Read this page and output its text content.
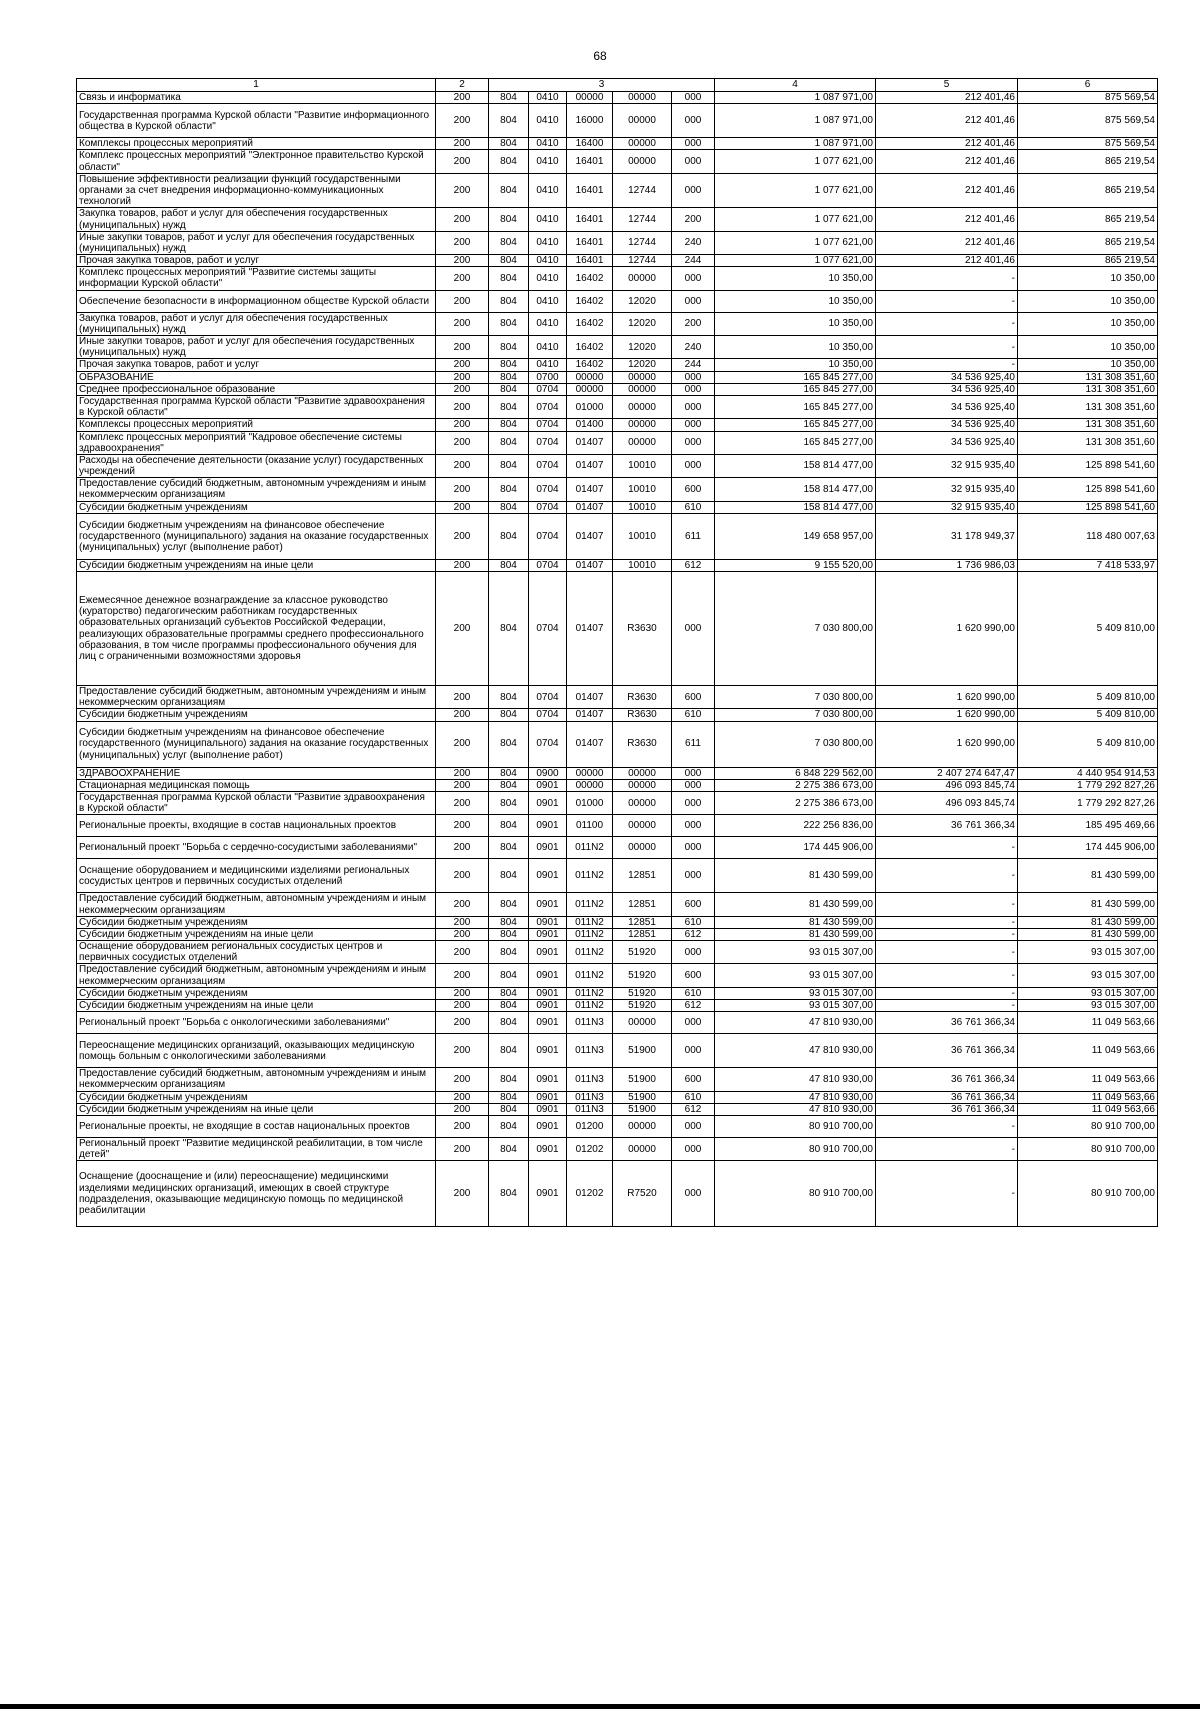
68
1	2	3					4	5	6
Связь и информатика	200	804	0410	00000	00000	000	1 087 971,00	212 401,46	875 569,54
Государственная программа Курской области "Развитие информационного общества в Курской области"	200	804	0410	16000	00000	000	1 087 971,00	212 401,46	875 569,54
Комплексы процессных мероприятий	200	804	0410	16400	00000	000	1 087 971,00	212 401,46	875 569,54
Комплекс процессных мероприятий "Электронное правительство Курской области"	200	804	0410	16401	00000	000	1 077 621,00	212 401,46	865 219,54
Повышение эффективности реализации функций государственными органами за счет внедрения информационно-коммуникационных технологий	200	804	0410	16401	12744	000	1 077 621,00	212 401,46	865 219,54
Закупка товаров, работ и услуг для обеспечения государственных (муниципальных) нужд	200	804	0410	16401	12744	200	1 077 621,00	212 401,46	865 219,54
Иные закупки товаров, работ и услуг для обеспечения государственных (муниципальных) нужд	200	804	0410	16401	12744	240	1 077 621,00	212 401,46	865 219,54
Прочая закупка товаров, работ и услуг	200	804	0410	16401	12744	244	1 077 621,00	212 401,46	865 219,54
Комплекс процессных мероприятий "Развитие системы защиты информации Курской области"	200	804	0410	16402	00000	000	10 350,00	-	10 350,00
Обеспечение безопасности в информационном обществе Курской области	200	804	0410	16402	12020	000	10 350,00	-	10 350,00
Закупка товаров, работ и услуг для обеспечения государственных (муниципальных) нужд	200	804	0410	16402	12020	200	10 350,00	-	10 350,00
Иные закупки товаров, работ и услуг для обеспечения государственных (муниципальных) нужд	200	804	0410	16402	12020	240	10 350,00	-	10 350,00
Прочая закупка товаров, работ и услуг	200	804	0410	16402	12020	244	10 350,00	-	10 350,00
ОБРАЗОВАНИЕ	200	804	0700	00000	00000	000	165 845 277,00	34 536 925,40	131 308 351,60
Среднее профессиональное образование	200	804	0704	00000	00000	000	165 845 277,00	34 536 925,40	131 308 351,60
Государственная программа Курской области "Развитие здравоохранения в Курской области"	200	804	0704	01000	00000	000	165 845 277,00	34 536 925,40	131 308 351,60
Комплексы процессных мероприятий	200	804	0704	01400	00000	000	165 845 277,00	34 536 925,40	131 308 351,60
Комплекс процессных мероприятий "Кадровое обеспечение системы здравоохранения"	200	804	0704	01407	00000	000	165 845 277,00	34 536 925,40	131 308 351,60
Расходы на обеспечение деятельности (оказание услуг) государственных учреждений	200	804	0704	01407	10010	000	158 814 477,00	32 915 935,40	125 898 541,60
Предоставление субсидий бюджетным, автономным учреждениям и иным некоммерческим организациям	200	804	0704	01407	10010	600	158 814 477,00	32 915 935,40	125 898 541,60
Субсидии бюджетным учреждениям	200	804	0704	01407	10010	610	158 814 477,00	32 915 935,40	125 898 541,60
Субсидии бюджетным учреждениям на финансовое обеспечение государственного (муниципального) задания на оказание государственных (муниципальных) услуг (выполнение работ)	200	804	0704	01407	10010	611	149 658 957,00	31 178 949,37	118 480 007,63
Субсидии бюджетным учреждениям на иные цели	200	804	0704	01407	10010	612	9 155 520,00	1 736 986,03	7 418 533,97
Ежемесячное денежное вознаграждение за классное руководство (кураторство) педагогическим работникам государственных образовательных организаций субъектов Российской Федерации, реализующих образовательные программы среднего профессионального образования, в том числе программы профессионального обучения для лиц с ограниченными возможностями здоровья	200	804	0704	01407	R3630	000	7 030 800,00	1 620 990,00	5 409 810,00
Предоставление субсидий бюджетным, автономным учреждениям и иным некоммерческим организациям	200	804	0704	01407	R3630	600	7 030 800,00	1 620 990,00	5 409 810,00
Субсидии бюджетным учреждениям	200	804	0704	01407	R3630	610	7 030 800,00	1 620 990,00	5 409 810,00
Субсидии бюджетным учреждениям на финансовое обеспечение государственного (муниципального) задания на оказание государственных (муниципальных) услуг (выполнение работ)	200	804	0704	01407	R3630	611	7 030 800,00	1 620 990,00	5 409 810,00
ЗДРАВООХРАНЕНИЕ	200	804	0900	00000	00000	000	6 848 229 562,00	2 407 274 647,47	4 440 954 914,53
Стационарная медицинская помощь	200	804	0901	00000	00000	000	2 275 386 673,00	496 093 845,74	1 779 292 827,26
Государственная программа Курской области "Развитие здравоохранения в Курской области"	200	804	0901	01000	00000	000	2 275 386 673,00	496 093 845,74	1 779 292 827,26
Региональные проекты, входящие в состав национальных проектов	200	804	0901	01100	00000	000	222 256 836,00	36 761 366,34	185 495 469,66
Региональный проект "Борьба с сердечно-сосудистыми заболеваниями"	200	804	0901	011N2	00000	000	174 445 906,00	-	174 445 906,00
Оснащение оборудованием и медицинскими изделиями региональных сосудистых центров и первичных сосудистых отделений	200	804	0901	011N2	12851	000	81 430 599,00	-	81 430 599,00
Предоставление субсидий бюджетным, автономным учреждениям и иным некоммерческим организациям	200	804	0901	011N2	12851	600	81 430 599,00	-	81 430 599,00
Субсидии бюджетным учреждениям	200	804	0901	011N2	12851	610	81 430 599,00	-	81 430 599,00
Субсидии бюджетным учреждениям на иные цели	200	804	0901	011N2	12851	612	81 430 599,00	-	81 430 599,00
Оснащение оборудованием региональных сосудистых центров и первичных сосудистых отделений	200	804	0901	011N2	51920	000	93 015 307,00	-	93 015 307,00
Предоставление субсидий бюджетным, автономным учреждениям и иным некоммерческим организациям	200	804	0901	011N2	51920	600	93 015 307,00	-	93 015 307,00
Субсидии бюджетным учреждениям	200	804	0901	011N2	51920	610	93 015 307,00	-	93 015 307,00
Субсидии бюджетным учреждениям на иные цели	200	804	0901	011N2	51920	612	93 015 307,00	-	93 015 307,00
Региональный проект "Борьба с онкологическими заболеваниями"	200	804	0901	011N3	00000	000	47 810 930,00	36 761 366,34	11 049 563,66
Переоснащение медицинских организаций, оказывающих медицинскую помощь больным с онкологическими заболеваниями	200	804	0901	011N3	51900	000	47 810 930,00	36 761 366,34	11 049 563,66
Предоставление субсидий бюджетным, автономным учреждениям и иным некоммерческим организациям	200	804	0901	011N3	51900	600	47 810 930,00	36 761 366,34	11 049 563,66
Субсидии бюджетным учреждениям	200	804	0901	011N3	51900	610	47 810 930,00	36 761 366,34	11 049 563,66
Субсидии бюджетным учреждениям на иные цели	200	804	0901	011N3	51900	612	47 810 930,00	36 761 366,34	11 049 563,66
Региональные проекты, не входящие в состав национальных проектов	200	804	0901	01200	00000	000	80 910 700,00	-	80 910 700,00
Региональный проект "Развитие медицинской реабилитации, в том числе детей"	200	804	0901	01202	00000	000	80 910 700,00	-	80 910 700,00
Оснащение (дооснащение и (или) переоснащение) медицинскими изделиями медицинских организаций, имеющих в своей структуре подразделения, оказывающие медицинскую помощь по медицинской реабилитации	200	804	0901	01202	R7520	000	80 910 700,00	-	80 910 700,00
